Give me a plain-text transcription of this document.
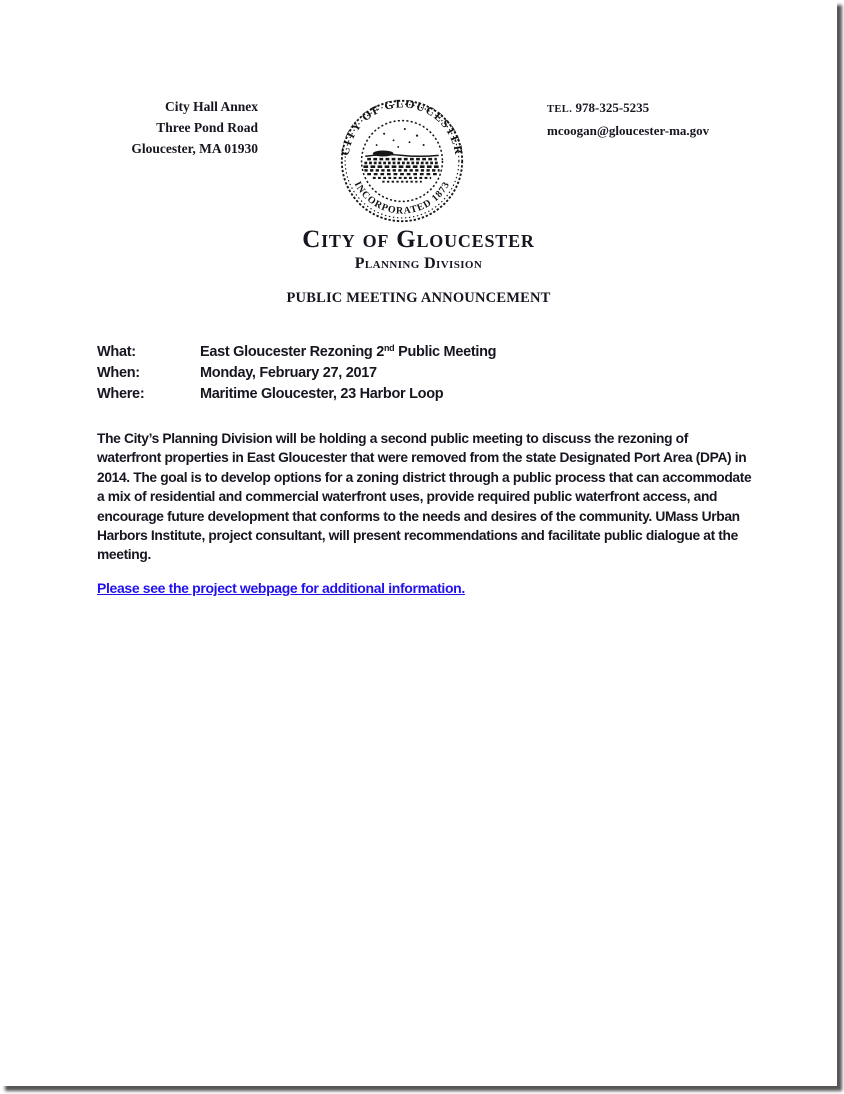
City Hall Annex
Three Pond Road
Gloucester, MA 01930
TEL. 978-325-5235
mcoogan@gloucester-ma.gov
CITY OF GLOUCESTER
INCORPORATED 1873
City of Gloucester
Planning Division
PUBLIC MEETING ANNOUNCEMENT
What:	East Gloucester Rezoning 2nd Public Meeting
When:	Monday, February 27, 2017
Where:	Maritime Gloucester, 23 Harbor Loop

The City’s Planning Division will be holding a second public meeting to discuss the rezoning of waterfront properties in East Gloucester that were removed from the state Designated Port Area (DPA) in 2014. The goal is to develop options for a zoning district through a public process that can accommodate a mix of residential and commercial waterfront uses, provide required public waterfront access, and encourage future development that conforms to the needs and desires of the community. UMass Urban Harbors Institute, project consultant, will present recommendations and facilitate public dialogue at the meeting.

Please see the project webpage for additional information.
